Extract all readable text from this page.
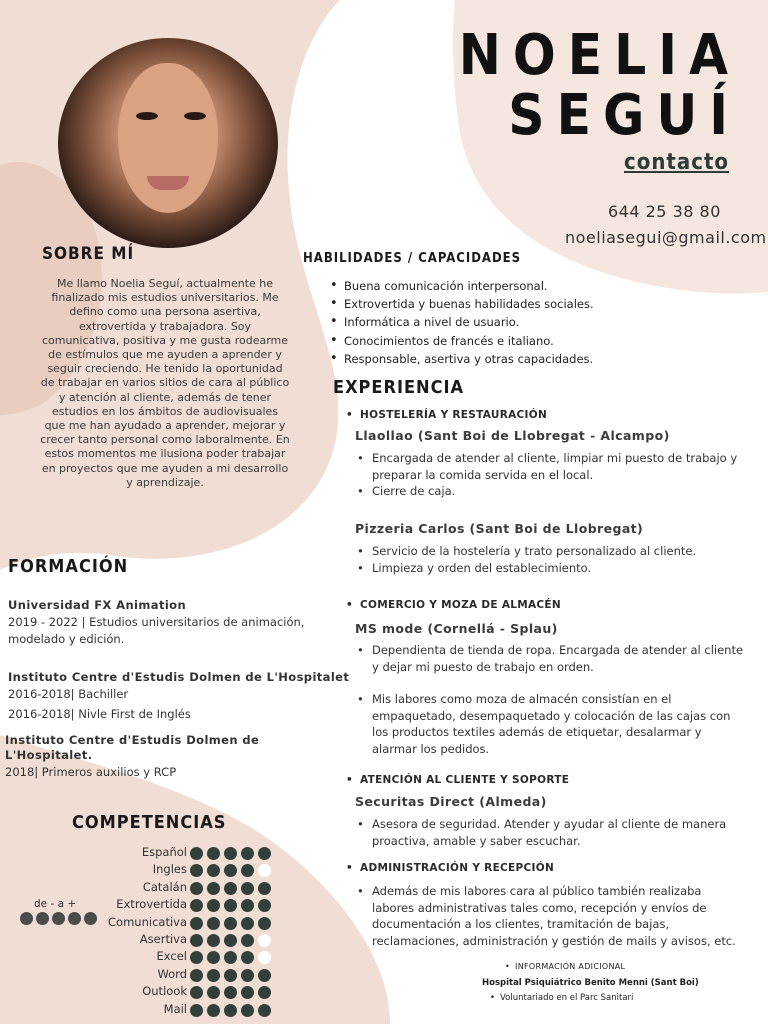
NOELIA
SEGUÍ
contacto
644 25 38 80
noeliasegui@gmail.com
SOBRE MÍ
Me llamo Noelia Seguí, actualmente he finalizado mis estudios universitarios. Me defino como una persona asertiva, extrovertida y trabajadora. Soy comunicativa, positiva y me gusta rodearme de estímulos que me ayuden a aprender y seguir creciendo. He tenido la oportunidad de trabajar en varios sitios de cara al público y atención al cliente, además de tener estudios en los ámbitos de audiovisuales que me han ayudado a aprender, mejorar y crecer tanto personal como laboralmente. En estos momentos me ilusiona poder trabajar en proyectos que me ayuden a mi desarrollo y aprendizaje.
HABILIDADES / CAPACIDADES
• Buena comunicación interpersonal.
• Extrovertida y buenas habilidades sociales.
• Informática a nivel de usuario.
• Conocimientos de francés e italiano.
• Responsable, asertiva y otras capacidades.
EXPERIENCIA
• HOSTELERÍA Y RESTAURACIÓN
Llaollao (Sant Boi de Llobregat - Alcampo)
• Encargada de atender al cliente, limpiar mi puesto de trabajo y preparar la comida servida en el local.
• Cierre de caja.
Pizzeria Carlos (Sant Boi de Llobregat)
• Servicio de la hostelería y trato personalizado al cliente.
• Limpieza y orden del establecimiento.
• COMERCIO Y MOZA DE ALMACÉN
MS mode (Cornellá - Splau)
• Dependienta de tienda de ropa. Encargada de atender al cliente y dejar mi puesto de trabajo en orden.
• Mis labores como moza de almacén consistían en el empaquetado, desempaquetado y colocación de las cajas con los productos textiles además de etiquetar, desalarmar y alarmar los pedidos.
• ATENCIÓN AL CLIENTE Y SOPORTE
Securitas Direct (Almeda)
• Asesora de seguridad. Atender y ayudar al cliente de manera proactiva, amable y saber escuchar.
• ADMINISTRACIÓN Y RECEPCIÓN
• Además de mis labores cara al público también realizaba labores administrativas tales como, recepción y envíos de documentación a los clientes, tramitación de bajas, reclamaciones, administración y gestión de mails y avisos, etc.
• INFORMACIÓN ADICIONAL
Hospital Psiquiátrico Benito Menni (Sant Boi)
• Voluntariado en el Parc Sanitari
FORMACIÓN
Universidad FX Animation
2019 - 2022 | Estudios universitarios de animación,
modelado y edición.
Instituto Centre d'Estudis Dolmen de L'Hospitalet
2016-2018| Bachiller
2016-2018| Nivle First de Inglés
Instituto Centre d'Estudis Dolmen de
L'Hospitalet.
2018| Primeros auxilios y RCP
COMPETENCIAS
de - a +
Español
Ingles
Catalán
Extrovertida
Comunicativa
Asertiva
Excel
Word
Outlook
Mail
